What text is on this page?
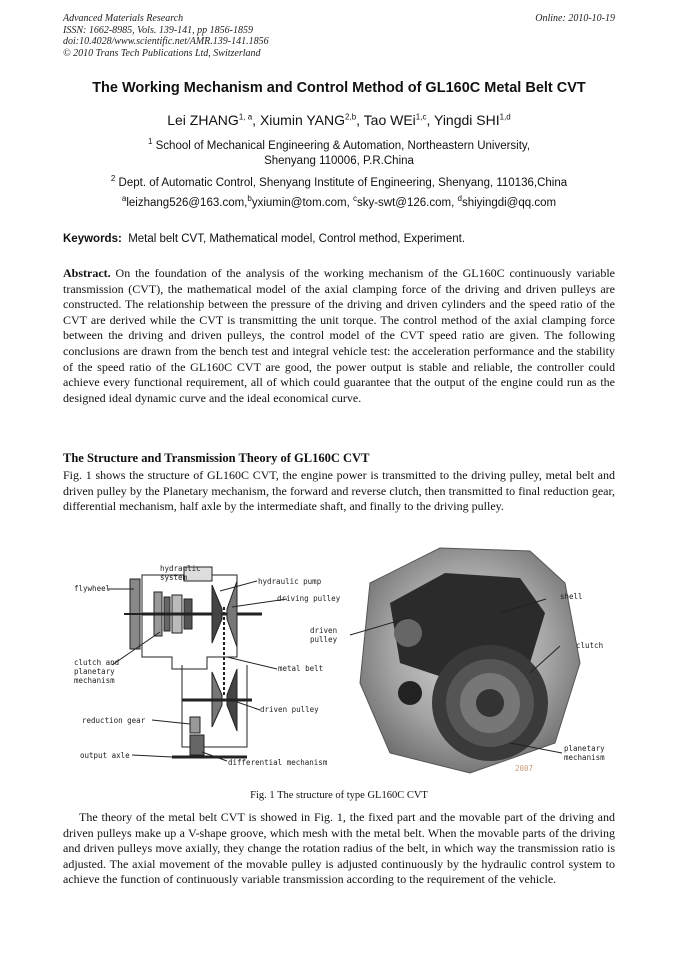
Advanced Materials Research
ISSN: 1662-8985, Vols. 139-141, pp 1856-1859
doi:10.4028/www.scientific.net/AMR.139-141.1856
© 2010 Trans Tech Publications Ltd, Switzerland
Online: 2010-10-19
The Working Mechanism and Control Method of GL160C Metal Belt CVT
Lei ZHANG$^{1, a}$, Xiumin YANG$^{2,b}$, Tao WEi$^{1,c}$, Yingdi SHI$^{1,d}$
$^1$ School of Mechanical Engineering & Automation, Northeastern University,
Shenyang 110006, P.R.China
$^2$ Dept. of Automatic Control, Shenyang Institute of Engineering, Shenyang, 110136,China
$^a$leizhang526@163.com,$^b$yxiumin@tom.com, $^c$sky-swt@126.com, $^d$shiyingdi@qq.com
Keywords: Metal belt CVT, Mathematical model, Control method, Experiment.
Abstract. On the foundation of the analysis of the working mechanism of the GL160C continuously variable transmission (CVT), the mathematical model of the axial clamping force of the driving and driven pulleys are constructed. The relationship between the pressure of the driving and driven cylinders and the speed ratio of the CVT are derived while the CVT is transmitting the unit torque. The control method of the axial clamping force between the driving and driven pulleys, the control model of the CVT speed ratio are given. The following conclusions are drawn from the bench test and integral vehicle test: the acceleration performance and the stability of the speed ratio of the GL160C CVT are good, the power output is stable and reliable, the controller could achieve every functional requirement, all of which could guarantee that the output of the engine could run as the designed ideal dynamic curve and the ideal economical curve.
The Structure and Transmission Theory of GL160C CVT
Fig. 1 shows the structure of GL160C CVT, the engine power is transmitted to the driving pulley, metal belt and driven pulley by the Planetary mechanism, the forward and reverse clutch, then transmitted to final reduction gear, differential mechanism, half axle by the intermediate shaft, and finally to the driving pulley.
hydraulic
system
flywheel
hydraulic pump
driving pulley
clutch and
planetary
mechanism
metal belt
driven pulley
reduction gear
output axle
differential mechanism
shell
driven
pulley
clutch
planetary
mechanism
2007
Fig. 1 The structure of type GL160C CVT
The theory of the metal belt CVT is showed in Fig. 1, the fixed part and the movable part of the driving and driven pulleys make up a V-shape groove, which mesh with the metal belt. When the movable parts of the driving and driven pulleys move axially, they change the rotation radius of the belt, in which way the transmission ratio is adjusted. The axial movement of the movable pulley is adjusted continuously by the hydraulic control system to achieve the function of continuously variable transmission according to the requirement of the vehicle.
